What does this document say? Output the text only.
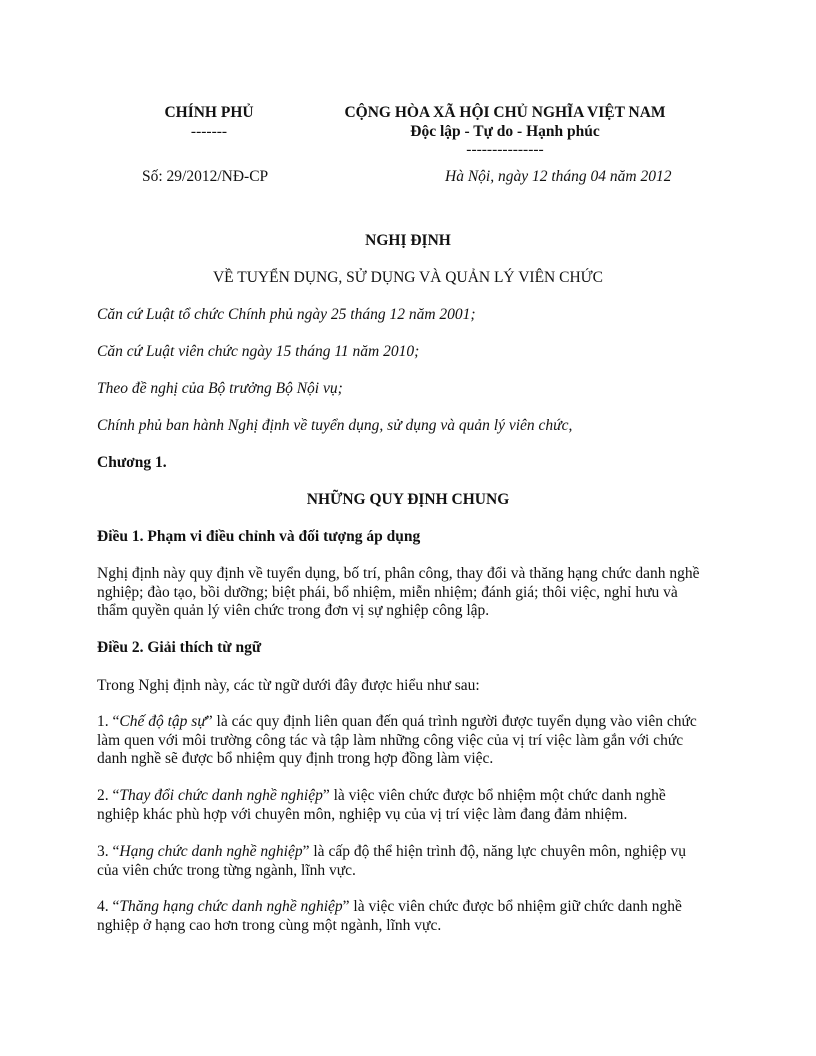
CHÍNH PHỦ
-------
CỘNG HÒA XÃ HỘI CHỦ NGHĨA VIỆT NAM
Độc lập - Tự do - Hạnh phúc
---------------
Số: 29/2012/NĐ-CP	Hà Nội, ngày 12 tháng 04 năm 2012
NGHỊ ĐỊNH
VỀ TUYỂN DỤNG, SỬ DỤNG VÀ QUẢN LÝ VIÊN CHỨC
Căn cứ Luật tổ chức Chính phủ ngày 25 tháng 12 năm 2001;
Căn cứ Luật viên chức ngày 15 tháng 11 năm 2010;
Theo đề nghị của Bộ trưởng Bộ Nội vụ;
Chính phủ ban hành Nghị định về tuyển dụng, sử dụng và quản lý viên chức,
Chương 1.
NHỮNG QUY ĐỊNH CHUNG
Điều 1. Phạm vi điều chỉnh và đối tượng áp dụng
Nghị định này quy định về tuyển dụng, bố trí, phân công, thay đổi và thăng hạng chức danh nghề
nghiệp; đào tạo, bồi dưỡng; biệt phái, bổ nhiệm, miễn nhiệm; đánh giá; thôi việc, nghỉ hưu và
thẩm quyền quản lý viên chức trong đơn vị sự nghiệp công lập.
Điều 2. Giải thích từ ngữ
Trong Nghị định này, các từ ngữ dưới đây được hiểu như sau:
1. “Chế độ tập sự” là các quy định liên quan đến quá trình người được tuyển dụng vào viên chức
làm quen với môi trường công tác và tập làm những công việc của vị trí việc làm gắn với chức
danh nghề sẽ được bổ nhiệm quy định trong hợp đồng làm việc.
2. “Thay đổi chức danh nghề nghiệp” là việc viên chức được bổ nhiệm một chức danh nghề
nghiệp khác phù hợp với chuyên môn, nghiệp vụ của vị trí việc làm đang đảm nhiệm.
3. “Hạng chức danh nghề nghiệp” là cấp độ thể hiện trình độ, năng lực chuyên môn, nghiệp vụ
của viên chức trong từng ngành, lĩnh vực.
4. “Thăng hạng chức danh nghề nghiệp” là việc viên chức được bổ nhiệm giữ chức danh nghề
nghiệp ở hạng cao hơn trong cùng một ngành, lĩnh vực.
